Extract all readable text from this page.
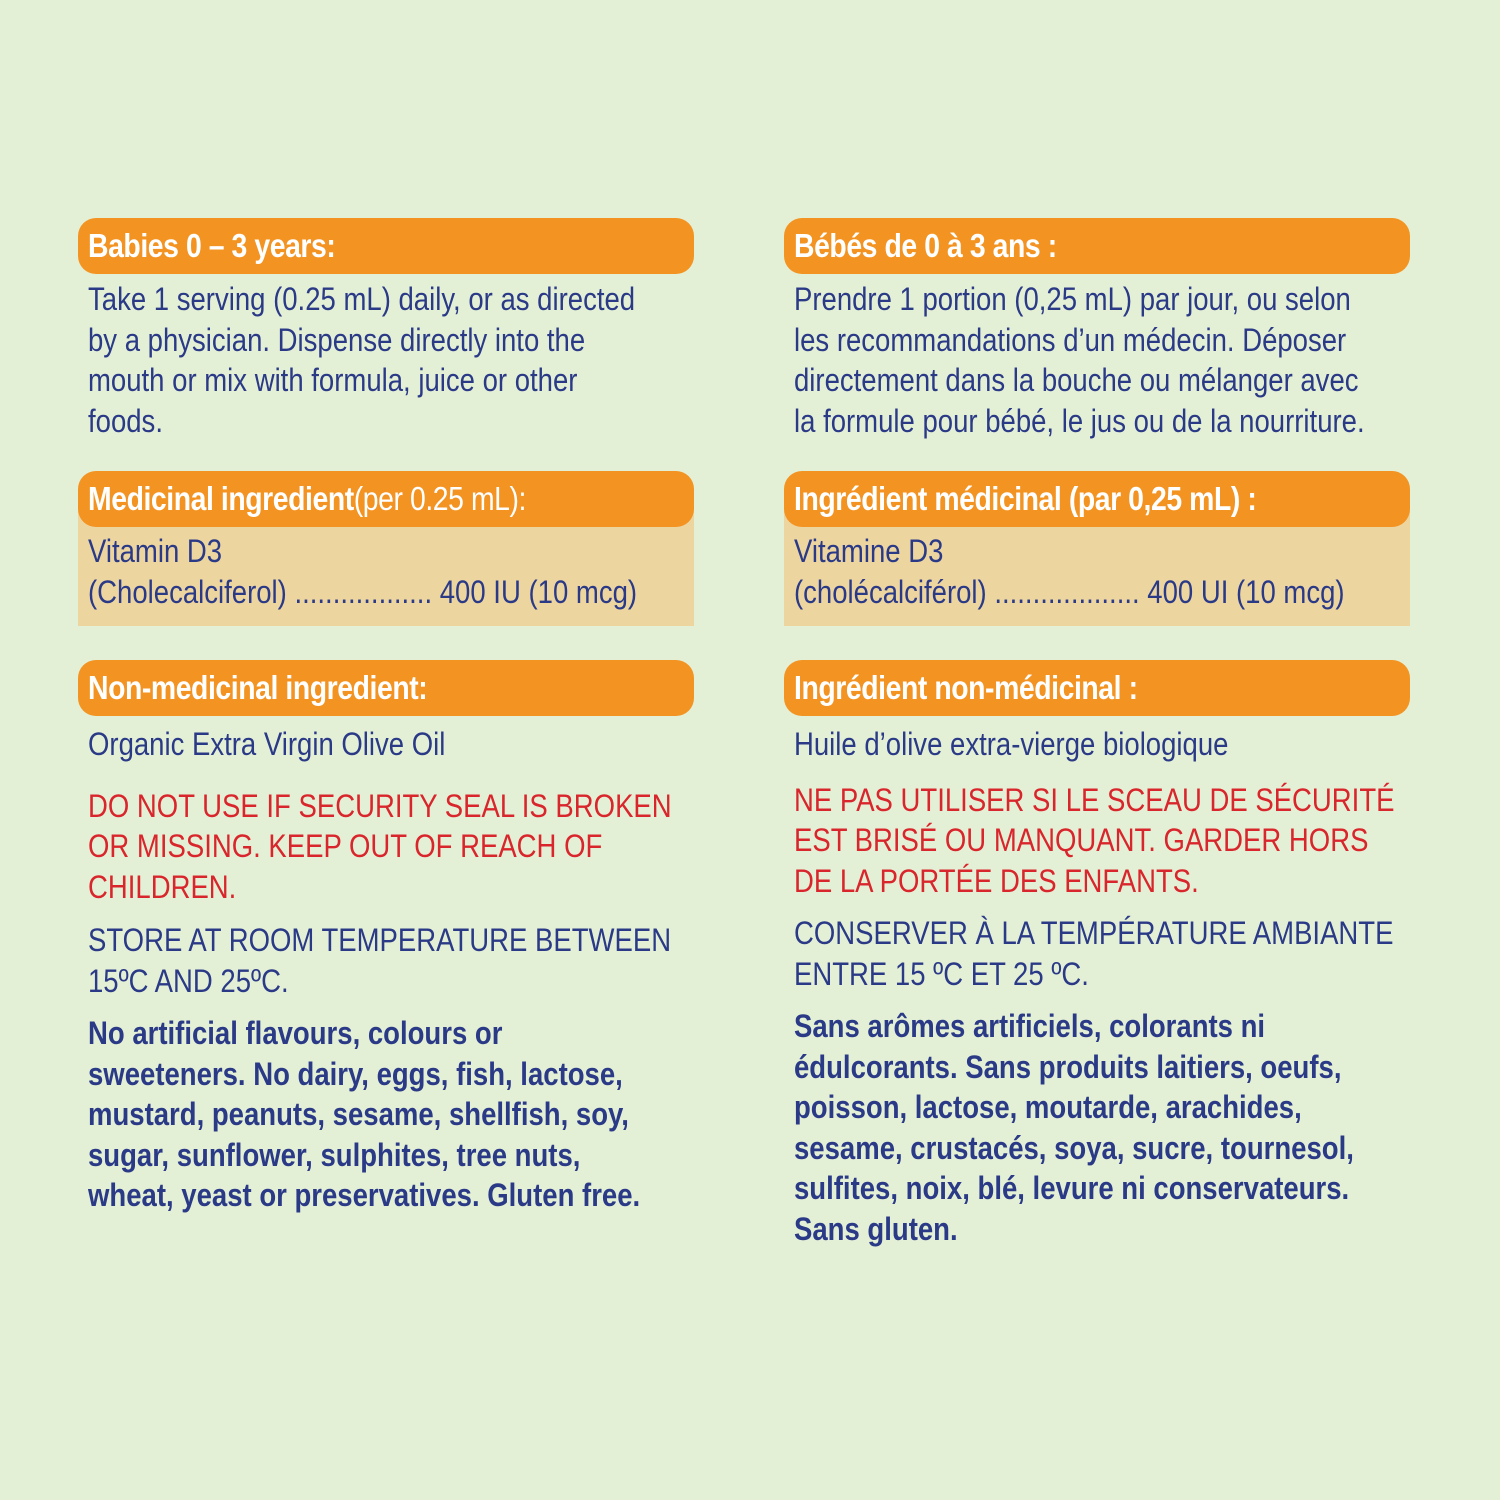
Babies 0 – 3 years:
Take 1 serving (0.25 mL) daily, or as directed
by a physician. Dispense directly into the
mouth or mix with formula, juice or other
foods.
Medicinal ingredient(per 0.25 mL):
Vitamin D3
(Cholecalciferol) .................. 400 IU (10 mcg)
Non-medicinal ingredient:
Organic Extra Virgin Olive Oil
DO NOT USE IF SECURITY SEAL IS BROKEN
OR MISSING. KEEP OUT OF REACH OF
CHILDREN.
STORE AT ROOM TEMPERATURE BETWEEN
15ºC AND 25ºC.
No artificial flavours, colours or
sweeteners. No dairy, eggs, fish, lactose,
mustard, peanuts, sesame, shellfish, soy,
sugar, sunflower, sulphites, tree nuts,
wheat, yeast or preservatives. Gluten free.
Bébés de 0 à 3 ans :
Prendre 1 portion (0,25 mL) par jour, ou selon
les recommandations d’un médecin. Déposer
directement dans la bouche ou mélanger avec
la formule pour bébé, le jus ou de la nourriture.
Ingrédient médicinal (par 0,25 mL) :
Vitamine D3
(cholécalciférol) ................... 400 UI (10 mcg)
Ingrédient non-médicinal :
Huile d’olive extra-vierge biologique
NE PAS UTILISER SI LE SCEAU DE SÉCURITÉ
EST BRISÉ OU MANQUANT. GARDER HORS
DE LA PORTÉE DES ENFANTS.
CONSERVER À LA TEMPÉRATURE AMBIANTE
ENTRE 15 ºC ET 25 ºC.
Sans arômes artificiels, colorants ni
édulcorants. Sans produits laitiers, oeufs,
poisson, lactose, moutarde, arachides,
sesame, crustacés, soya, sucre, tournesol,
sulfites, noix, blé, levure ni conservateurs.
Sans gluten.
